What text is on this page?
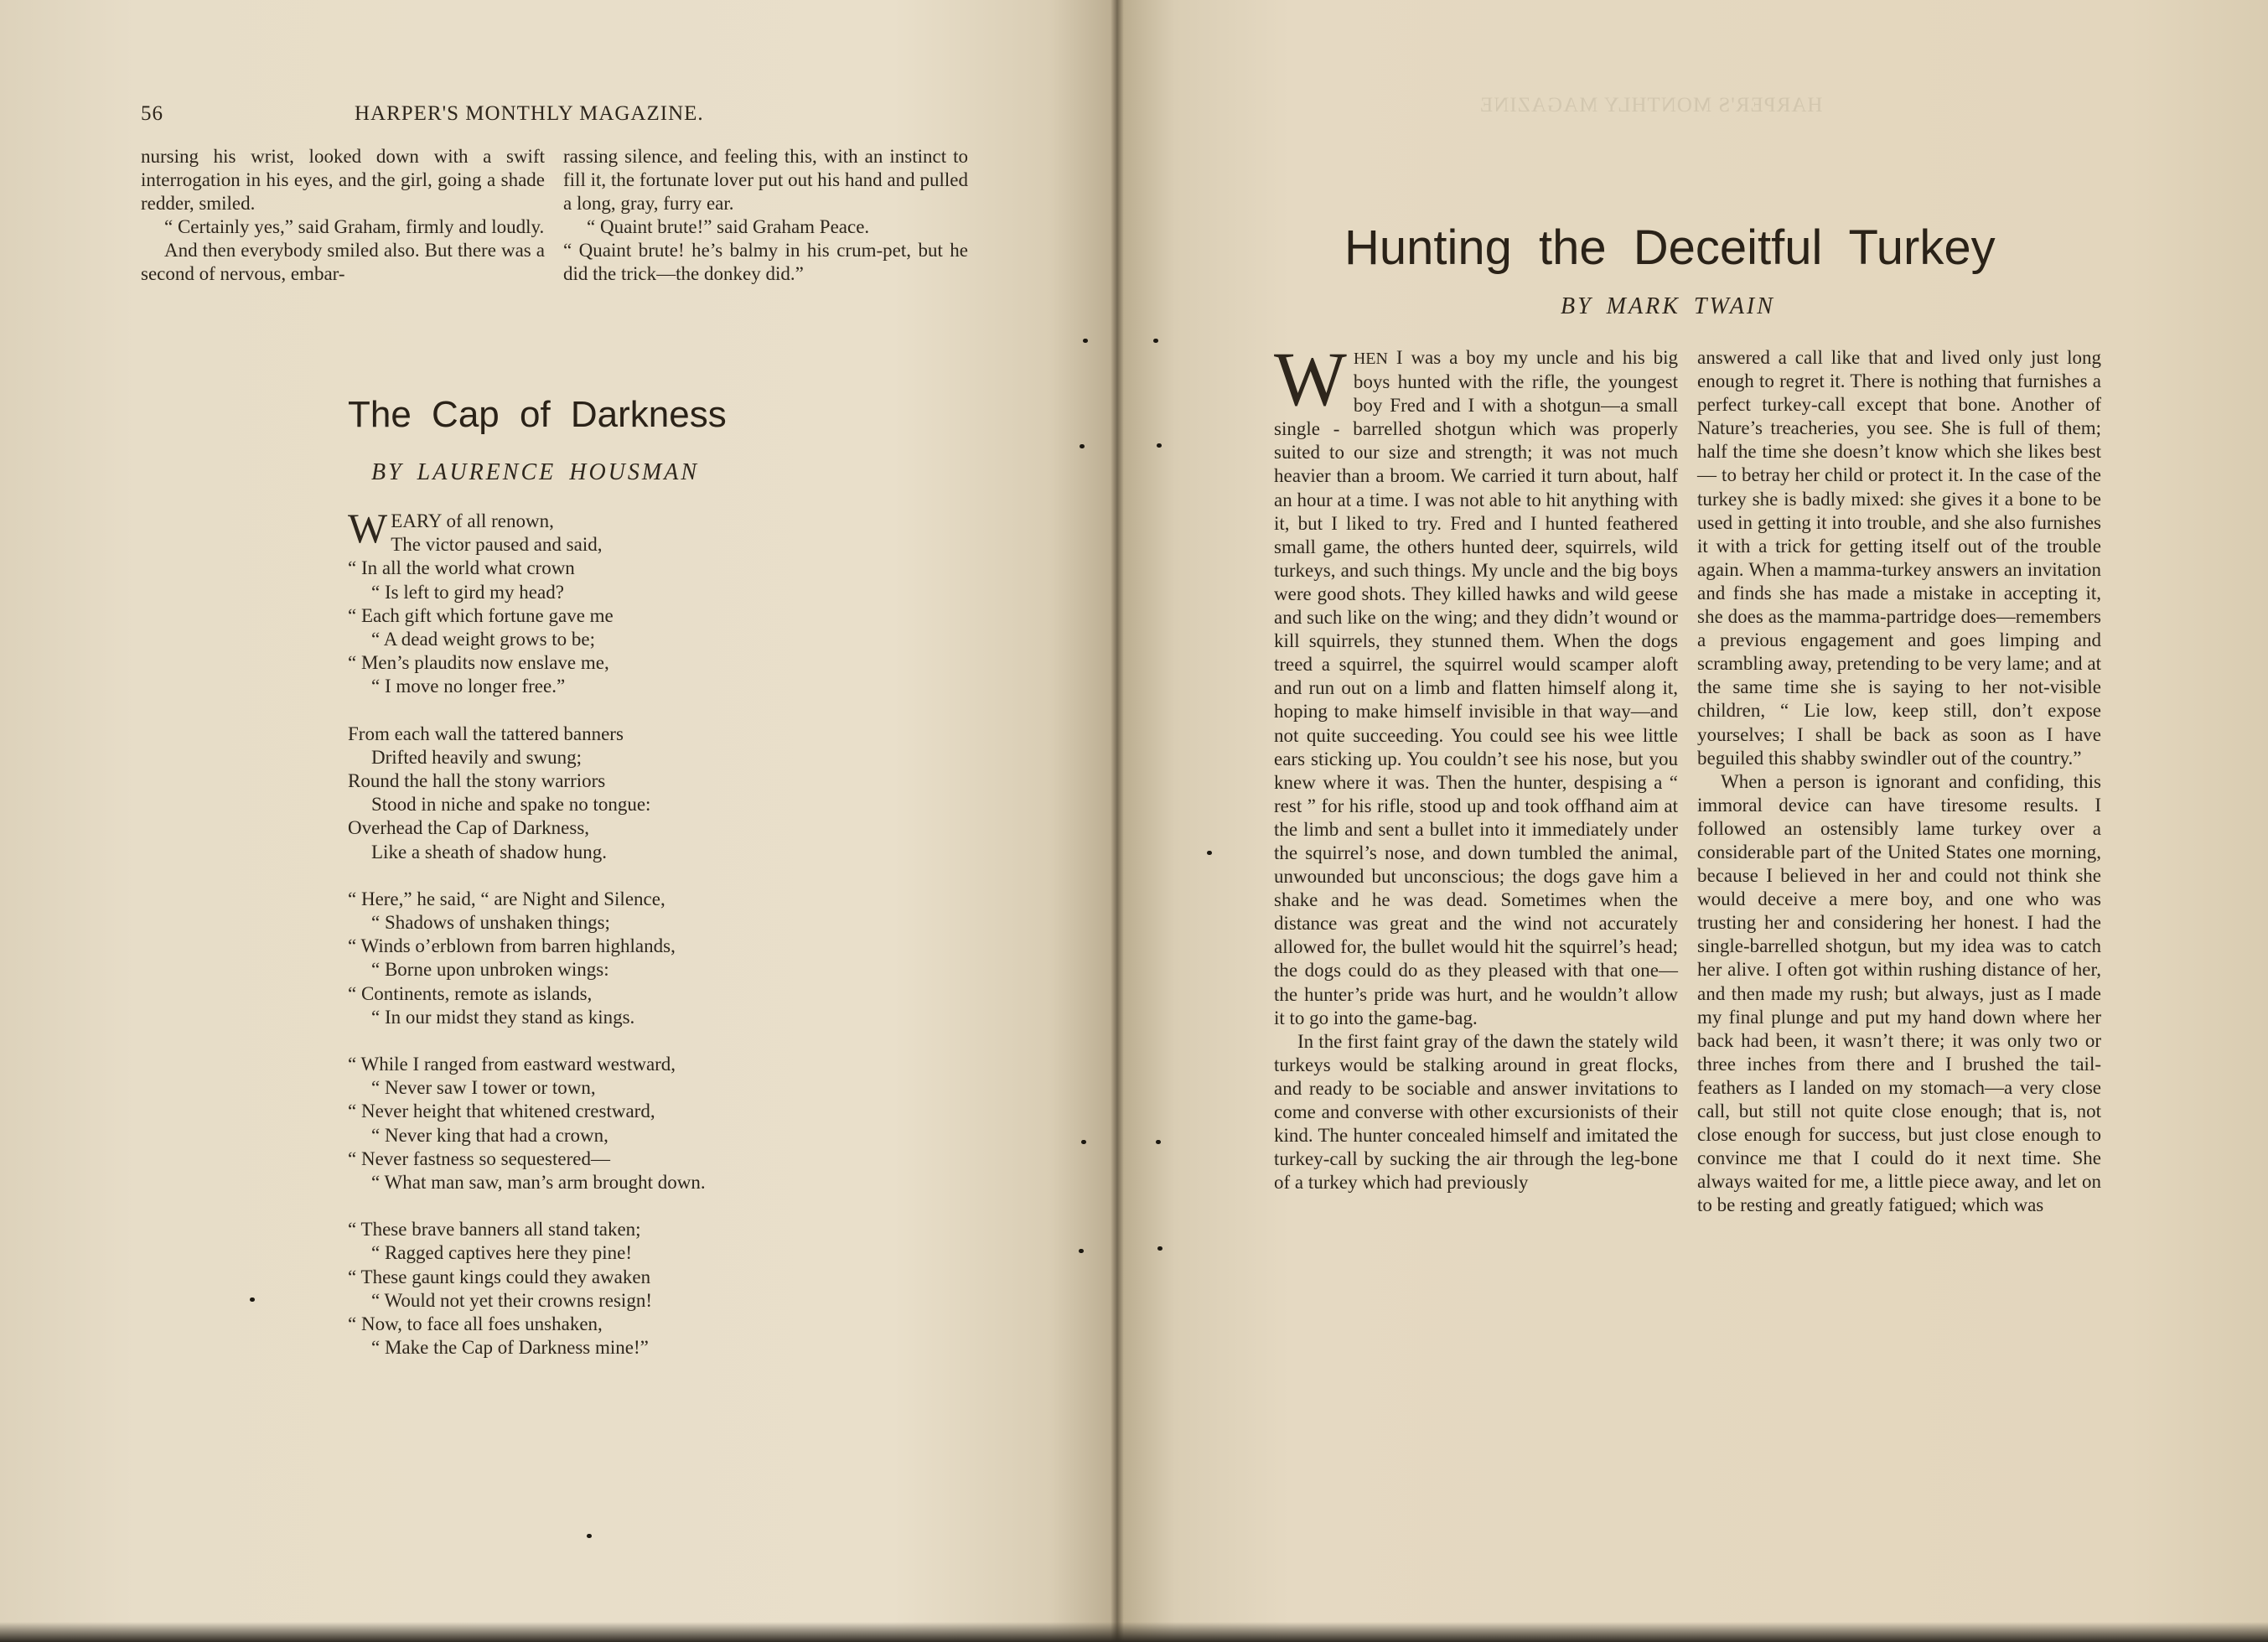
56	HARPER'S MONTHLY MAGAZINE.

nursing his wrist, looked down with a swift interrogation in his eyes, and the girl, going a shade redder, smiled.

“ Certainly yes,” said Graham, firmly and loudly.

And then everybody smiled also. But there was a second of nervous, embar-

rassing silence, and feeling this, with an instinct to fill it, the fortunate lover put out his hand and pulled a long, gray, furry ear.

“ Quaint brute!” said Graham Peace.

“ Quaint brute! he’s balmy in his crum-pet, but he did the trick—the donkey did.”

The Cap of Darkness
BY LAURENCE HOUSMAN
WEARY of all renown,
The victor paused and said,
“ In all the world what crown
“ Is left to gird my head?
“ Each gift which fortune gave me
“ A dead weight grows to be;
“ Men’s plaudits now enslave me,
“ I move no longer free.”
From each wall the tattered banners
Drifted heavily and swung;
Round the hall the stony warriors
Stood in niche and spake no tongue:
Overhead the Cap of Darkness,
Like a sheath of shadow hung.
“ Here,” he said, “ are Night and Silence,
“ Shadows of unshaken things;
“ Winds o’erblown from barren highlands,
“ Borne upon unbroken wings:
“ Continents, remote as islands,
“ In our midst they stand as kings.
“ While I ranged from eastward westward,
“ Never saw I tower or town,
“ Never height that whitened crestward,
“ Never king that had a crown,
“ Never fastness so sequestered—
“ What man saw, man’s arm brought down.
“ These brave banners all stand taken;
“ Ragged captives here they pine!
“ These gaunt kings could they awaken
“ Would not yet their crowns resign!
“ Now, to face all foes unshaken,
“ Make the Cap of Darkness mine!”
HARPER'S MONTHLY MAGAZINE
Hunting the Deceitful Turkey
BY MARK TWAIN

WHEN I was a boy my uncle and his big boys hunted with the rifle, the youngest boy Fred and I with a shotgun—a small single - barrelled shotgun which was properly suited to our size and strength; it was not much heavier than a broom. We carried it turn about, half an hour at a time. I was not able to hit anything with it, but I liked to try. Fred and I hunted feathered small game, the others hunted deer, squirrels, wild turkeys, and such things. My uncle and the big boys were good shots. They killed hawks and wild geese and such like on the wing; and they didn’t wound or kill squirrels, they stunned them. When the dogs treed a squirrel, the squirrel would scamper aloft and run out on a limb and flatten himself along it, hoping to make himself invisible in that way—and not quite succeeding. You could see his wee little ears sticking up. You couldn’t see his nose, but you knew where it was. Then the hunter, despising a “ rest ” for his rifle, stood up and took offhand aim at the limb and sent a bullet into it immediately under the squirrel’s nose, and down tumbled the animal, unwounded but unconscious; the dogs gave him a shake and he was dead. Sometimes when the distance was great and the wind not accurately allowed for, the bullet would hit the squirrel’s head; the dogs could do as they pleased with that one—the hunter’s pride was hurt, and he wouldn’t allow it to go into the game-bag.

In the first faint gray of the dawn the stately wild turkeys would be stalking around in great flocks, and ready to be sociable and answer invitations to come and converse with other excursionists of their kind. The hunter concealed himself and imitated the turkey-call by sucking the air through the leg-bone of a turkey which had previously

answered a call like that and lived only just long enough to regret it. There is nothing that furnishes a perfect turkey-call except that bone. Another of Nature’s treacheries, you see. She is full of them; half the time she doesn’t know which she likes best — to betray her child or protect it. In the case of the turkey she is badly mixed: she gives it a bone to be used in getting it into trouble, and she also furnishes it with a trick for getting itself out of the trouble again. When a mamma-turkey answers an invitation and finds she has made a mistake in accepting it, she does as the mamma-partridge does—remembers a previous engagement and goes limping and scrambling away, pretending to be very lame; and at the same time she is saying to her not-visible children, “ Lie low, keep still, don’t expose yourselves; I shall be back as soon as I have beguiled this shabby swindler out of the country.”

When a person is ignorant and confiding, this immoral device can have tiresome results. I followed an ostensibly lame turkey over a considerable part of the United States one morning, because I believed in her and could not think she would deceive a mere boy, and one who was trusting her and considering her honest. I had the single-barrelled shotgun, but my idea was to catch her alive. I often got within rushing distance of her, and then made my rush; but always, just as I made my final plunge and put my hand down where her back had been, it wasn’t there; it was only two or three inches from there and I brushed the tail-feathers as I landed on my stomach—a very close call, but still not quite close enough; that is, not close enough for success, but just close enough to convince me that I could do it next time. She always waited for me, a little piece away, and let on to be resting and greatly fatigued; which was
